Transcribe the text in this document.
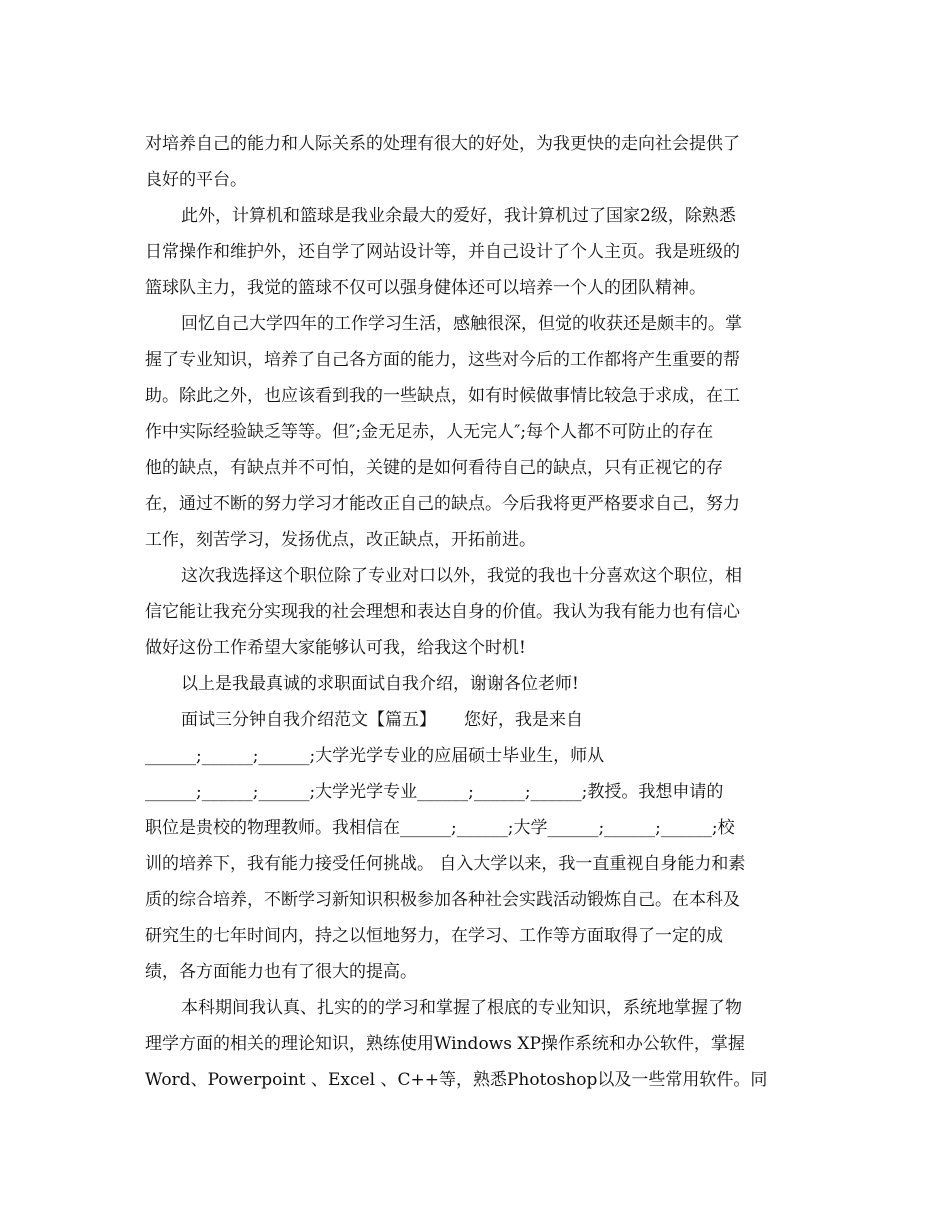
对培养自己的能力和人际关系的处理有很大的好处，为我更快的走向社会提供了
良好的平台。
此外，计算机和篮球是我业余最大的爱好，我计算机过了国家2级，除熟悉
日常操作和维护外，还自学了网站设计等，并自己设计了个人主页。我是班级的
篮球队主力，我觉的篮球不仅可以强身健体还可以培养一个人的团队精神。
回忆自己大学四年的工作学习生活，感触很深，但觉的收获还是颇丰的。掌
握了专业知识，培养了自己各方面的能力，这些对今后的工作都将产生重要的帮
助。除此之外，也应该看到我的一些缺点，如有时候做事情比较急于求成，在工
作中实际经验缺乏等等。但″;金无足赤，人无完人″;每个人都不可防止的存在
他的缺点，有缺点并不可怕，关键的是如何看待自己的缺点，只有正视它的存
在，通过不断的努力学习才能改正自己的缺点。今后我将更严格要求自己，努力
工作，刻苦学习，发扬优点，改正缺点，开拓前进。
这次我选择这个职位除了专业对口以外，我觉的我也十分喜欢这个职位，相
信它能让我充分实现我的社会理想和表达自身的价值。我认为我有能力也有信心
做好这份工作希望大家能够认可我，给我这个时机!
以上是我最真诚的求职面试自我介绍，谢谢各位老师!
面试三分钟自我介绍范文【篇五】 您好，我是来自
______;______;______;大学光学专业的应届硕士毕业生，师从
______;______;______;大学光学专业______;______;______;教授。我想申请的
职位是贵校的物理教师。我相信在______;______;大学______;______;______;校
训的培养下，我有能力接受任何挑战。 自入大学以来，我一直重视自身能力和素
质的综合培养，不断学习新知识积极参加各种社会实践活动锻炼自己。在本科及
研究生的七年时间内，持之以恒地努力，在学习、工作等方面取得了一定的成
绩，各方面能力也有了很大的提高。
本科期间我认真、扎实的的学习和掌握了根底的专业知识，系统地掌握了物
理学方面的相关的理论知识，熟练使用Windows XP操作系统和办公软件，掌握
Word、Powerpoint 、Excel 、C++等，熟悉Photoshop以及一些常用软件。同
